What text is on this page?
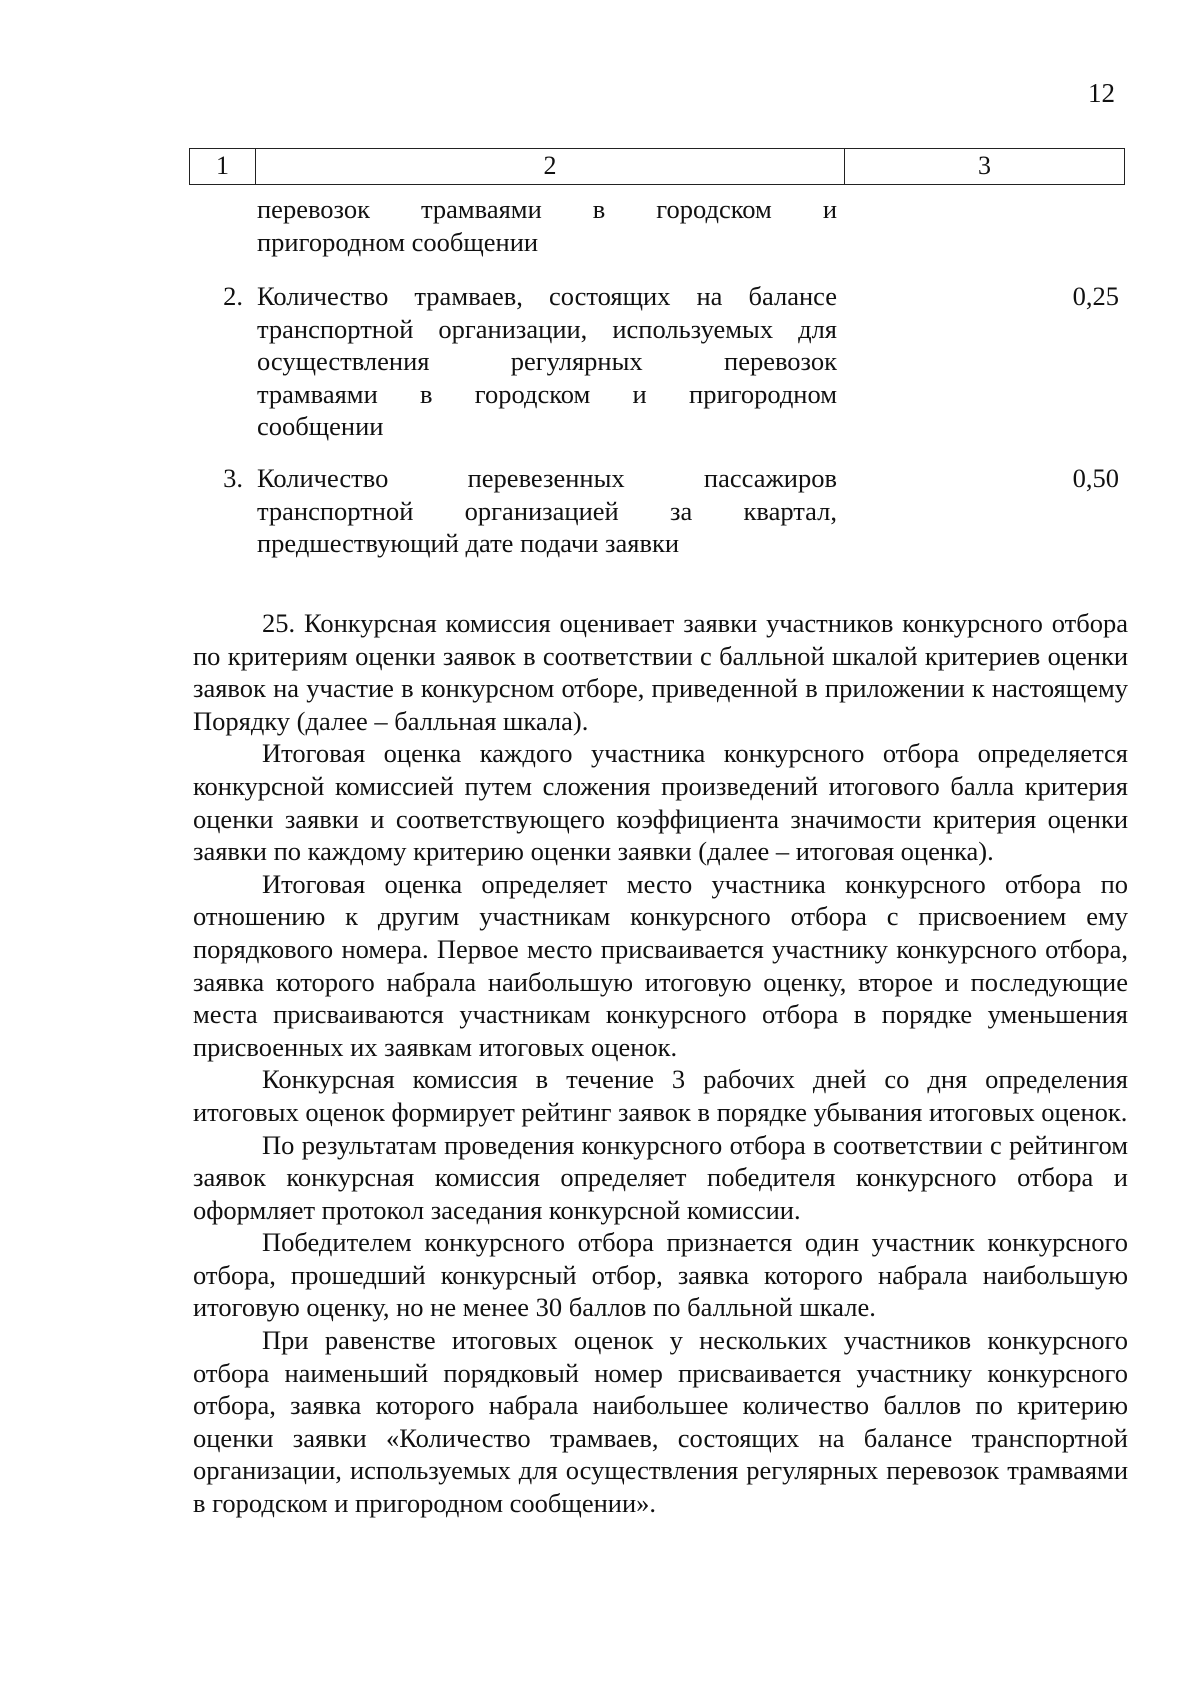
12
1	2	3
перевозок трамваями в городском и
пригородном сообщении
2. Количество трамваев, состоящих на балансе
транспортной организации, используемых для
осуществления регулярных перевозок
трамваями в городском и пригородном
сообщении
0,25
3. Количество перевезенных пассажиров
транспортной организацией за квартал,
предшествующий дате подачи заявки
0,50

25. Конкурсная комиссия оценивает заявки участников конкурсного отбора по критериям оценки заявок в соответствии с балльной шкалой критериев оценки заявок на участие в конкурсном отборе, приведенной в приложении к настоящему Порядку (далее – балльная шкала).

Итоговая оценка каждого участника конкурсного отбора определяется конкурсной комиссией путем сложения произведений итогового балла критерия оценки заявки и соответствующего коэффициента значимости критерия оценки заявки по каждому критерию оценки заявки (далее – итоговая оценка).

Итоговая оценка определяет место участника конкурсного отбора по отношению к другим участникам конкурсного отбора с присвоением ему порядкового номера. Первое место присваивается участнику конкурсного отбора, заявка которого набрала наибольшую итоговую оценку, второе и последующие места присваиваются участникам конкурсного отбора в порядке уменьшения присвоенных их заявкам итоговых оценок.

Конкурсная комиссия в течение 3 рабочих дней со дня определения итоговых оценок формирует рейтинг заявок в порядке убывания итоговых оценок.

По результатам проведения конкурсного отбора в соответствии с рейтингом заявок конкурсная комиссия определяет победителя конкурсного отбора и оформляет протокол заседания конкурсной комиссии.

Победителем конкурсного отбора признается один участник конкурсного отбора, прошедший конкурсный отбор, заявка которого набрала наибольшую итоговую оценку, но не менее 30 баллов по балльной шкале.

При равенстве итоговых оценок у нескольких участников конкурсного отбора наименьший порядковый номер присваивается участнику конкурсного отбора, заявка которого набрала наибольшее количество баллов по критерию оценки заявки «Количество трамваев, состоящих на балансе транспортной организации, используемых для осуществления регулярных перевозок трамваями в городском и пригородном сообщении».
